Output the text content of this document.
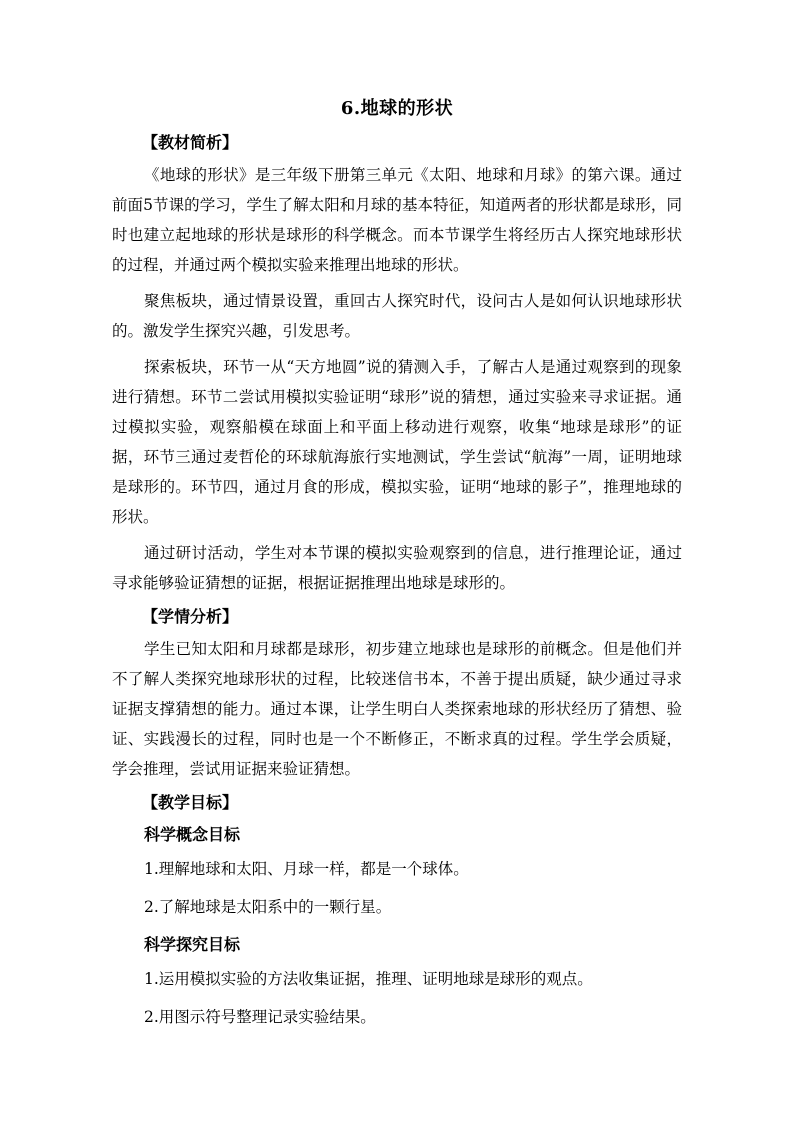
6.地球的形状
【教材简析】

《地球的形状》是三年级下册第三单元《太阳、地球和月球》的第六课。通过前面5节课的学习，学生了解太阳和月球的基本特征，知道两者的形状都是球形，同时也建立起地球的形状是球形的科学概念。而本节课学生将经历古人探究地球形状的过程，并通过两个模拟实验来推理出地球的形状。

聚焦板块，通过情景设置，重回古人探究时代，设问古人是如何认识地球形状的。激发学生探究兴趣，引发思考。

探索板块，环节一从“天方地圆”说的猜测入手，了解古人是通过观察到的现象进行猜想。环节二尝试用模拟实验证明“球形”说的猜想，通过实验来寻求证据。通过模拟实验，观察船模在球面上和平面上移动进行观察，收集“地球是球形”的证据，环节三通过麦哲伦的环球航海旅行实地测试，学生尝试“航海”一周，证明地球是球形的。环节四，通过月食的形成，模拟实验，证明“地球的影子”，推理地球的形状。

通过研讨活动，学生对本节课的模拟实验观察到的信息，进行推理论证，通过寻求能够验证猜想的证据，根据证据推理出地球是球形的。

【学情分析】

学生已知太阳和月球都是球形，初步建立地球也是球形的前概念。但是他们并不了解人类探究地球形状的过程，比较迷信书本，不善于提出质疑，缺少通过寻求证据支撑猜想的能力。通过本课，让学生明白人类探索地球的形状经历了猜想、验证、实践漫长的过程，同时也是一个不断修正，不断求真的过程。学生学会质疑，学会推理，尝试用证据来验证猜想。

【教学目标】
科学概念目标
1.理解地球和太阳、月球一样，都是一个球体。
2.了解地球是太阳系中的一颗行星。
科学探究目标
1.运用模拟实验的方法收集证据，推理、证明地球是球形的观点。
2.用图示符号整理记录实验结果。
